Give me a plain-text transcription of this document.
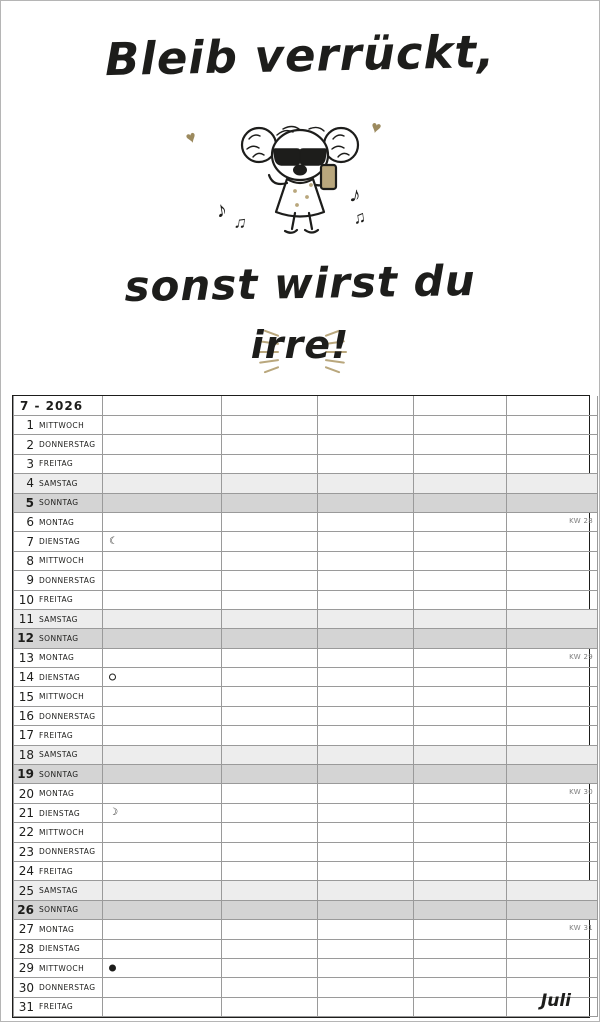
Bleib verrückt,
♥	♥
♪ ♫
♪
♫
sonst wirst du
irre!
7 - 2026					
1 MITTWOCH					
2 DONNERSTAG					
3 FREITAG					
4 SAMSTAG					
5 SONNTAG					
6 MONTAG					KW 28

7 DIENSTAG	☾				

8 MITTWOCH					
9 DONNERSTAG					
10 FREITAG					
11 SAMSTAG					
12 SONNTAG					
13 MONTAG					KW 29

14 DIENSTAG	

15 MITTWOCH					
16 DONNERSTAG					
17 FREITAG					
18 SAMSTAG					
19 SONNTAG					
20 MONTAG					KW 30

21 DIENSTAG	☽				

22 MITTWOCH					
23 DONNERSTAG					
24 FREITAG					
25 SAMSTAG					
26 SONNTAG					
27 MONTAG					KW 31

28 DIENSTAG					
29 MITTWOCH	

30 DONNERSTAG					
31 FREITAG						Juli
